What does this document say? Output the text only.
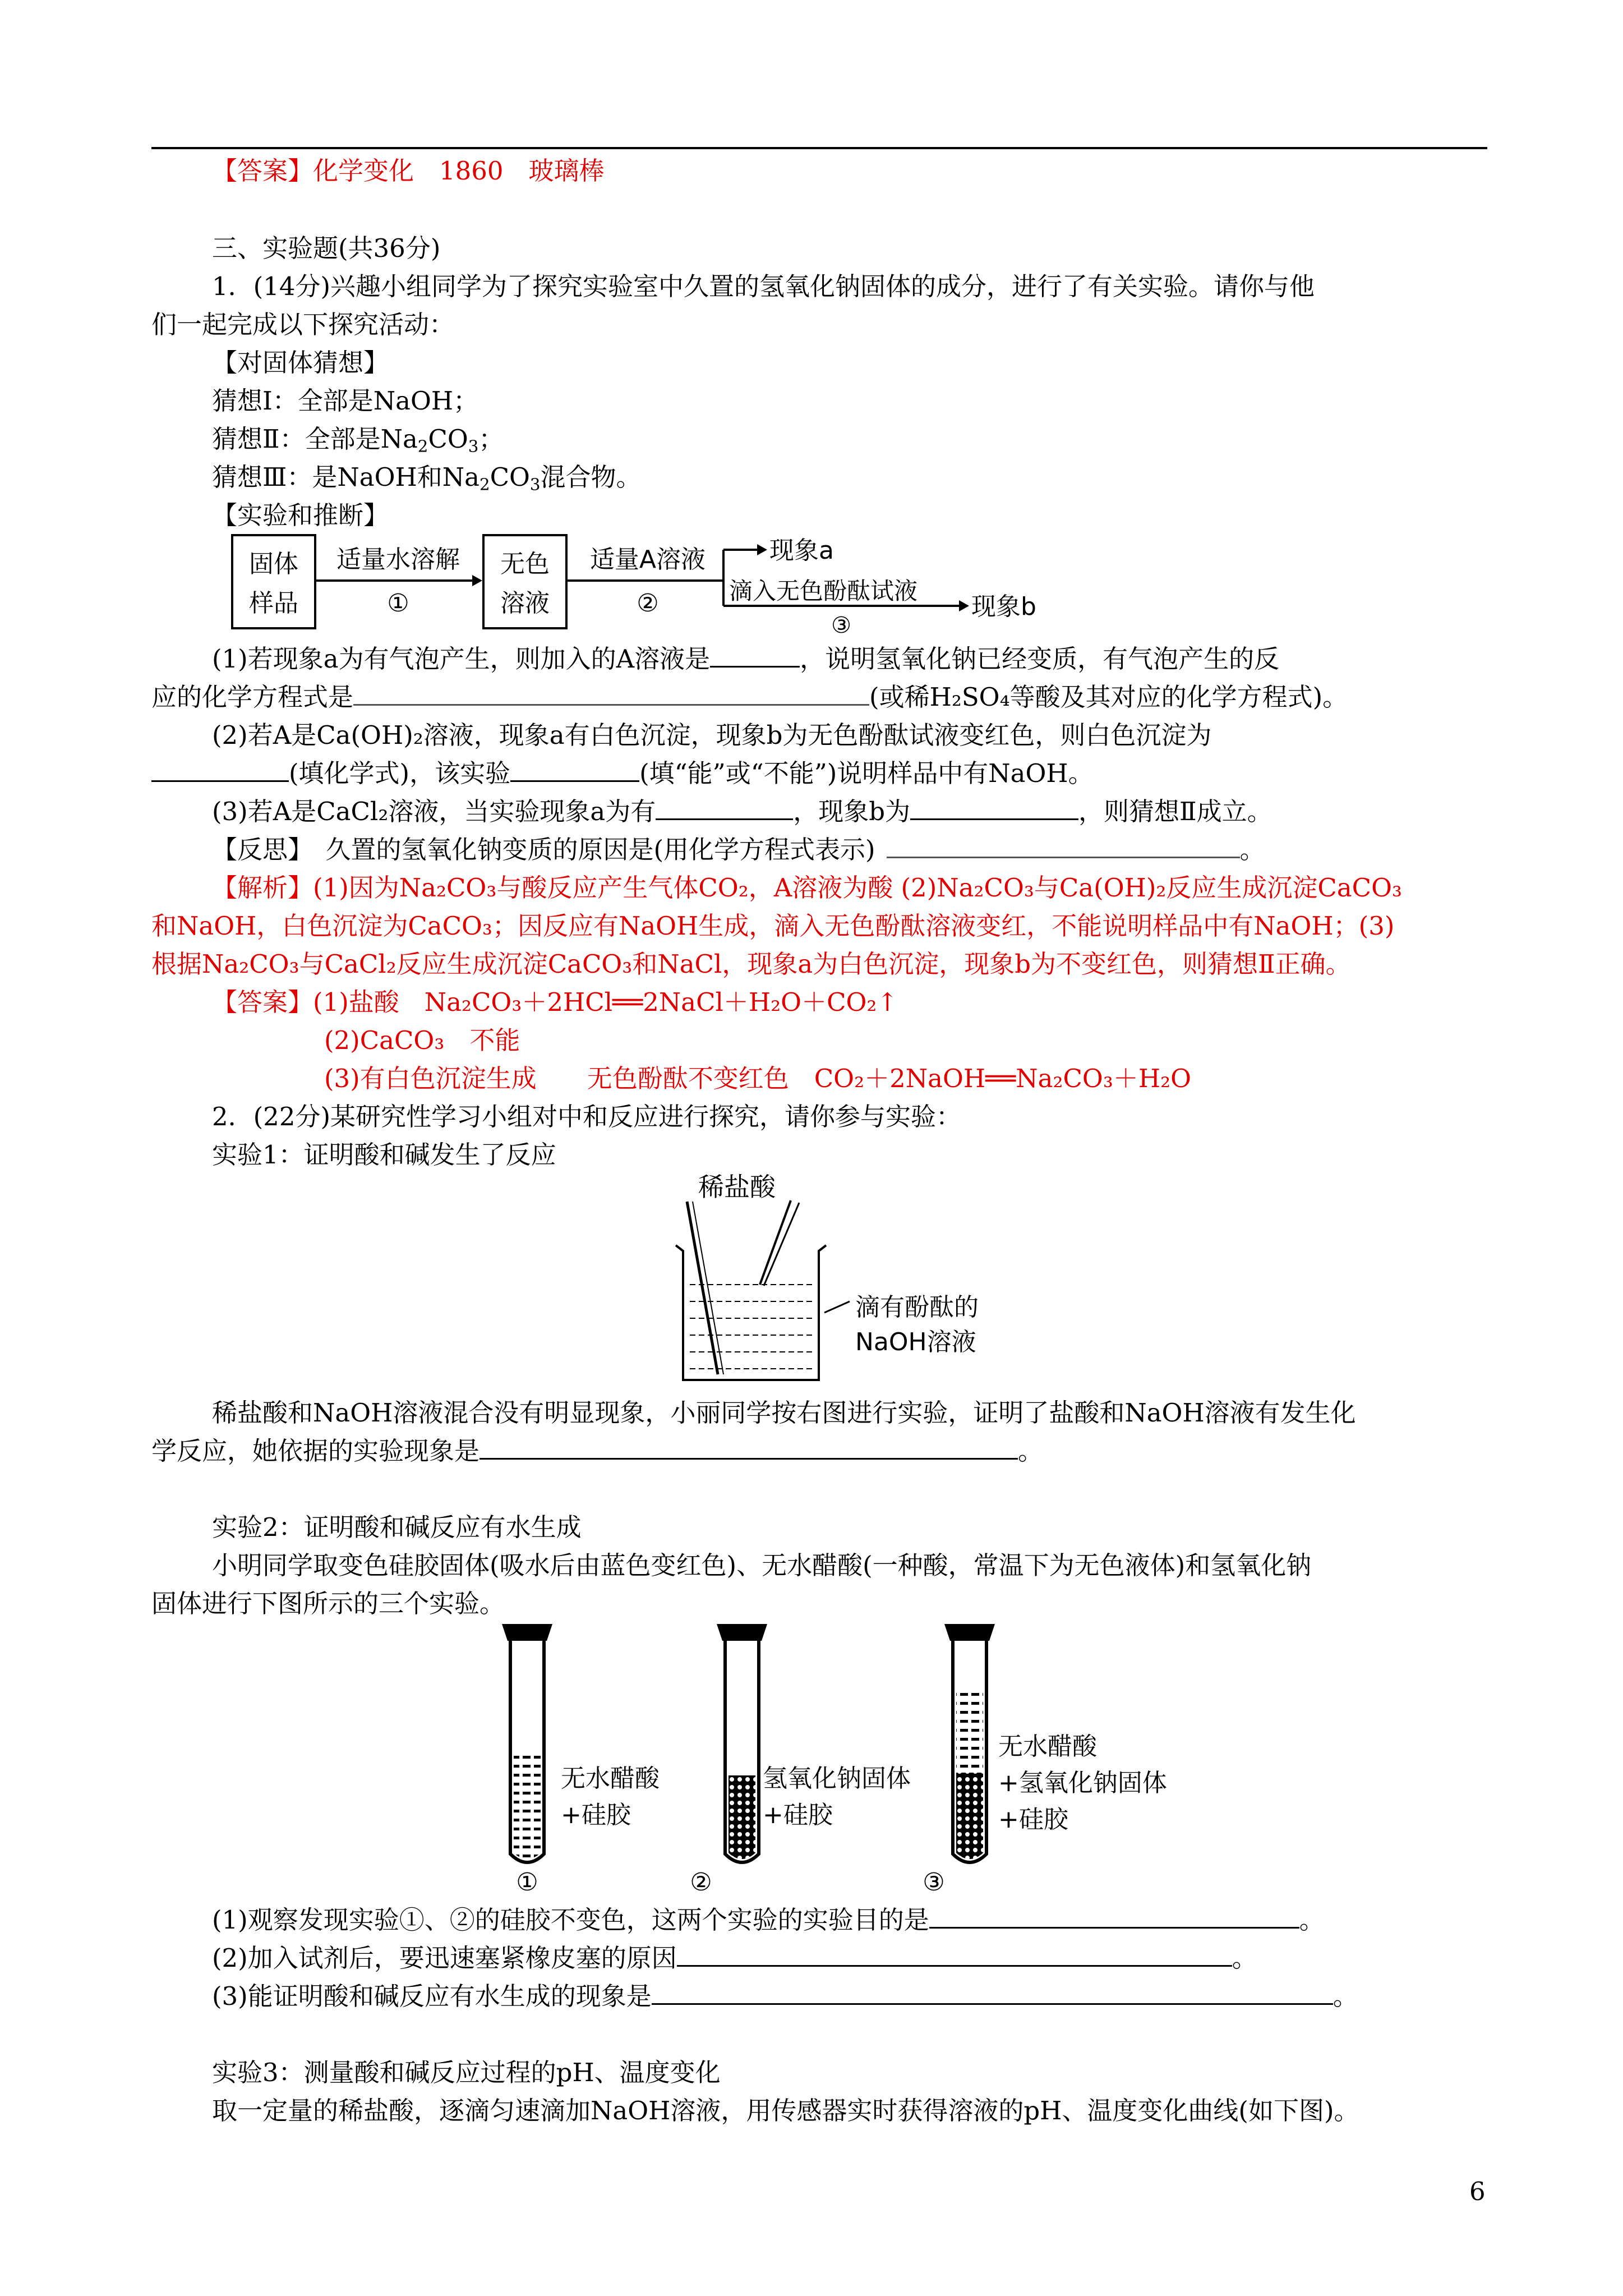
【答案】化学变化　1860　玻璃棒
三、实验题(共36分)
1．(14分)兴趣小组同学为了探究实验室中久置的氢氧化钠固体的成分，进行了有关实验。请你与他
们一起完成以下探究活动：
【对固体猜想】
猜想Ⅰ：全部是NaOH；
猜想Ⅱ：全部是$Na_2CO_3$；
猜想Ⅲ：是NaOH和$Na_2CO_3$混合物。
【实验和推断】
固体
样品
适量水溶解
①
无色
溶液
适量A溶液
②
现象a
滴入无色酚酞试液
③
现象b
(1)若现象a为有气泡产生，则加入的A溶液是	，说明氢氧化钠已经变质，有气泡产生的反
应的化学方程式是	(或稀H₂SO₄等酸及其对应的化学方程式)。
(2)若A是Ca(OH)₂溶液，现象a有白色沉淀，现象b为无色酚酞试液变红色，则白色沉淀为
(填化学式)，该实验	(填“能”或“不能”)说明样品中有NaOH。
(3)若A是CaCl₂溶液，当实验现象a为有	，现象b为	，则猜想Ⅱ成立。
【反思】　久置的氢氧化钠变质的原因是(用化学方程式表示)	。
【解析】(1)因为Na₂CO₃与酸反应产生气体CO₂，A溶液为酸 (2)Na₂CO₃与Ca(OH)₂反应生成沉淀CaCO₃
和NaOH，白色沉淀为CaCO₃；因反应有NaOH生成，滴入无色酚酞溶液变红，不能说明样品中有NaOH；(3)
根据Na₂CO₃与CaCl₂反应生成沉淀CaCO₃和NaCl，现象a为白色沉淀，现象b为不变红色，则猜想Ⅱ正确。
【答案】(1)盐酸　Na₂CO₃＋2HCl══2NaCl＋H₂O＋CO₂↑
(2)CaCO₃　不能
(3)有白色沉淀生成　　无色酚酞不变红色　CO₂＋2NaOH══Na₂CO₃＋H₂O
2．(22分)某研究性学习小组对中和反应进行探究，请你参与实验：
实验1：证明酸和碱发生了反应
稀盐酸
滴有酚酞的
NaOH溶液
稀盐酸和NaOH溶液混合没有明显现象，小丽同学按右图进行实验，证明了盐酸和NaOH溶液有发生化
学反应，她依据的实验现象是	。
实验2：证明酸和碱反应有水生成
小明同学取变色硅胶固体(吸水后由蓝色变红色)、无水醋酸(一种酸，常温下为无色液体)和氢氧化钠
固体进行下图所示的三个实验。
无水醋酸
+硅胶
①
氢氧化钠固体
+硅胶
②
无水醋酸
+氢氧化钠固体
+硅胶
③
(1)观察发现实验①、②的硅胶不变色，这两个实验的实验目的是	。
(2)加入试剂后，要迅速塞紧橡皮塞的原因	。
(3)能证明酸和碱反应有水生成的现象是	。
实验3：测量酸和碱反应过程的pH、温度变化
取一定量的稀盐酸，逐滴匀速滴加NaOH溶液，用传感器实时获得溶液的pH、温度变化曲线(如下图)。
6
